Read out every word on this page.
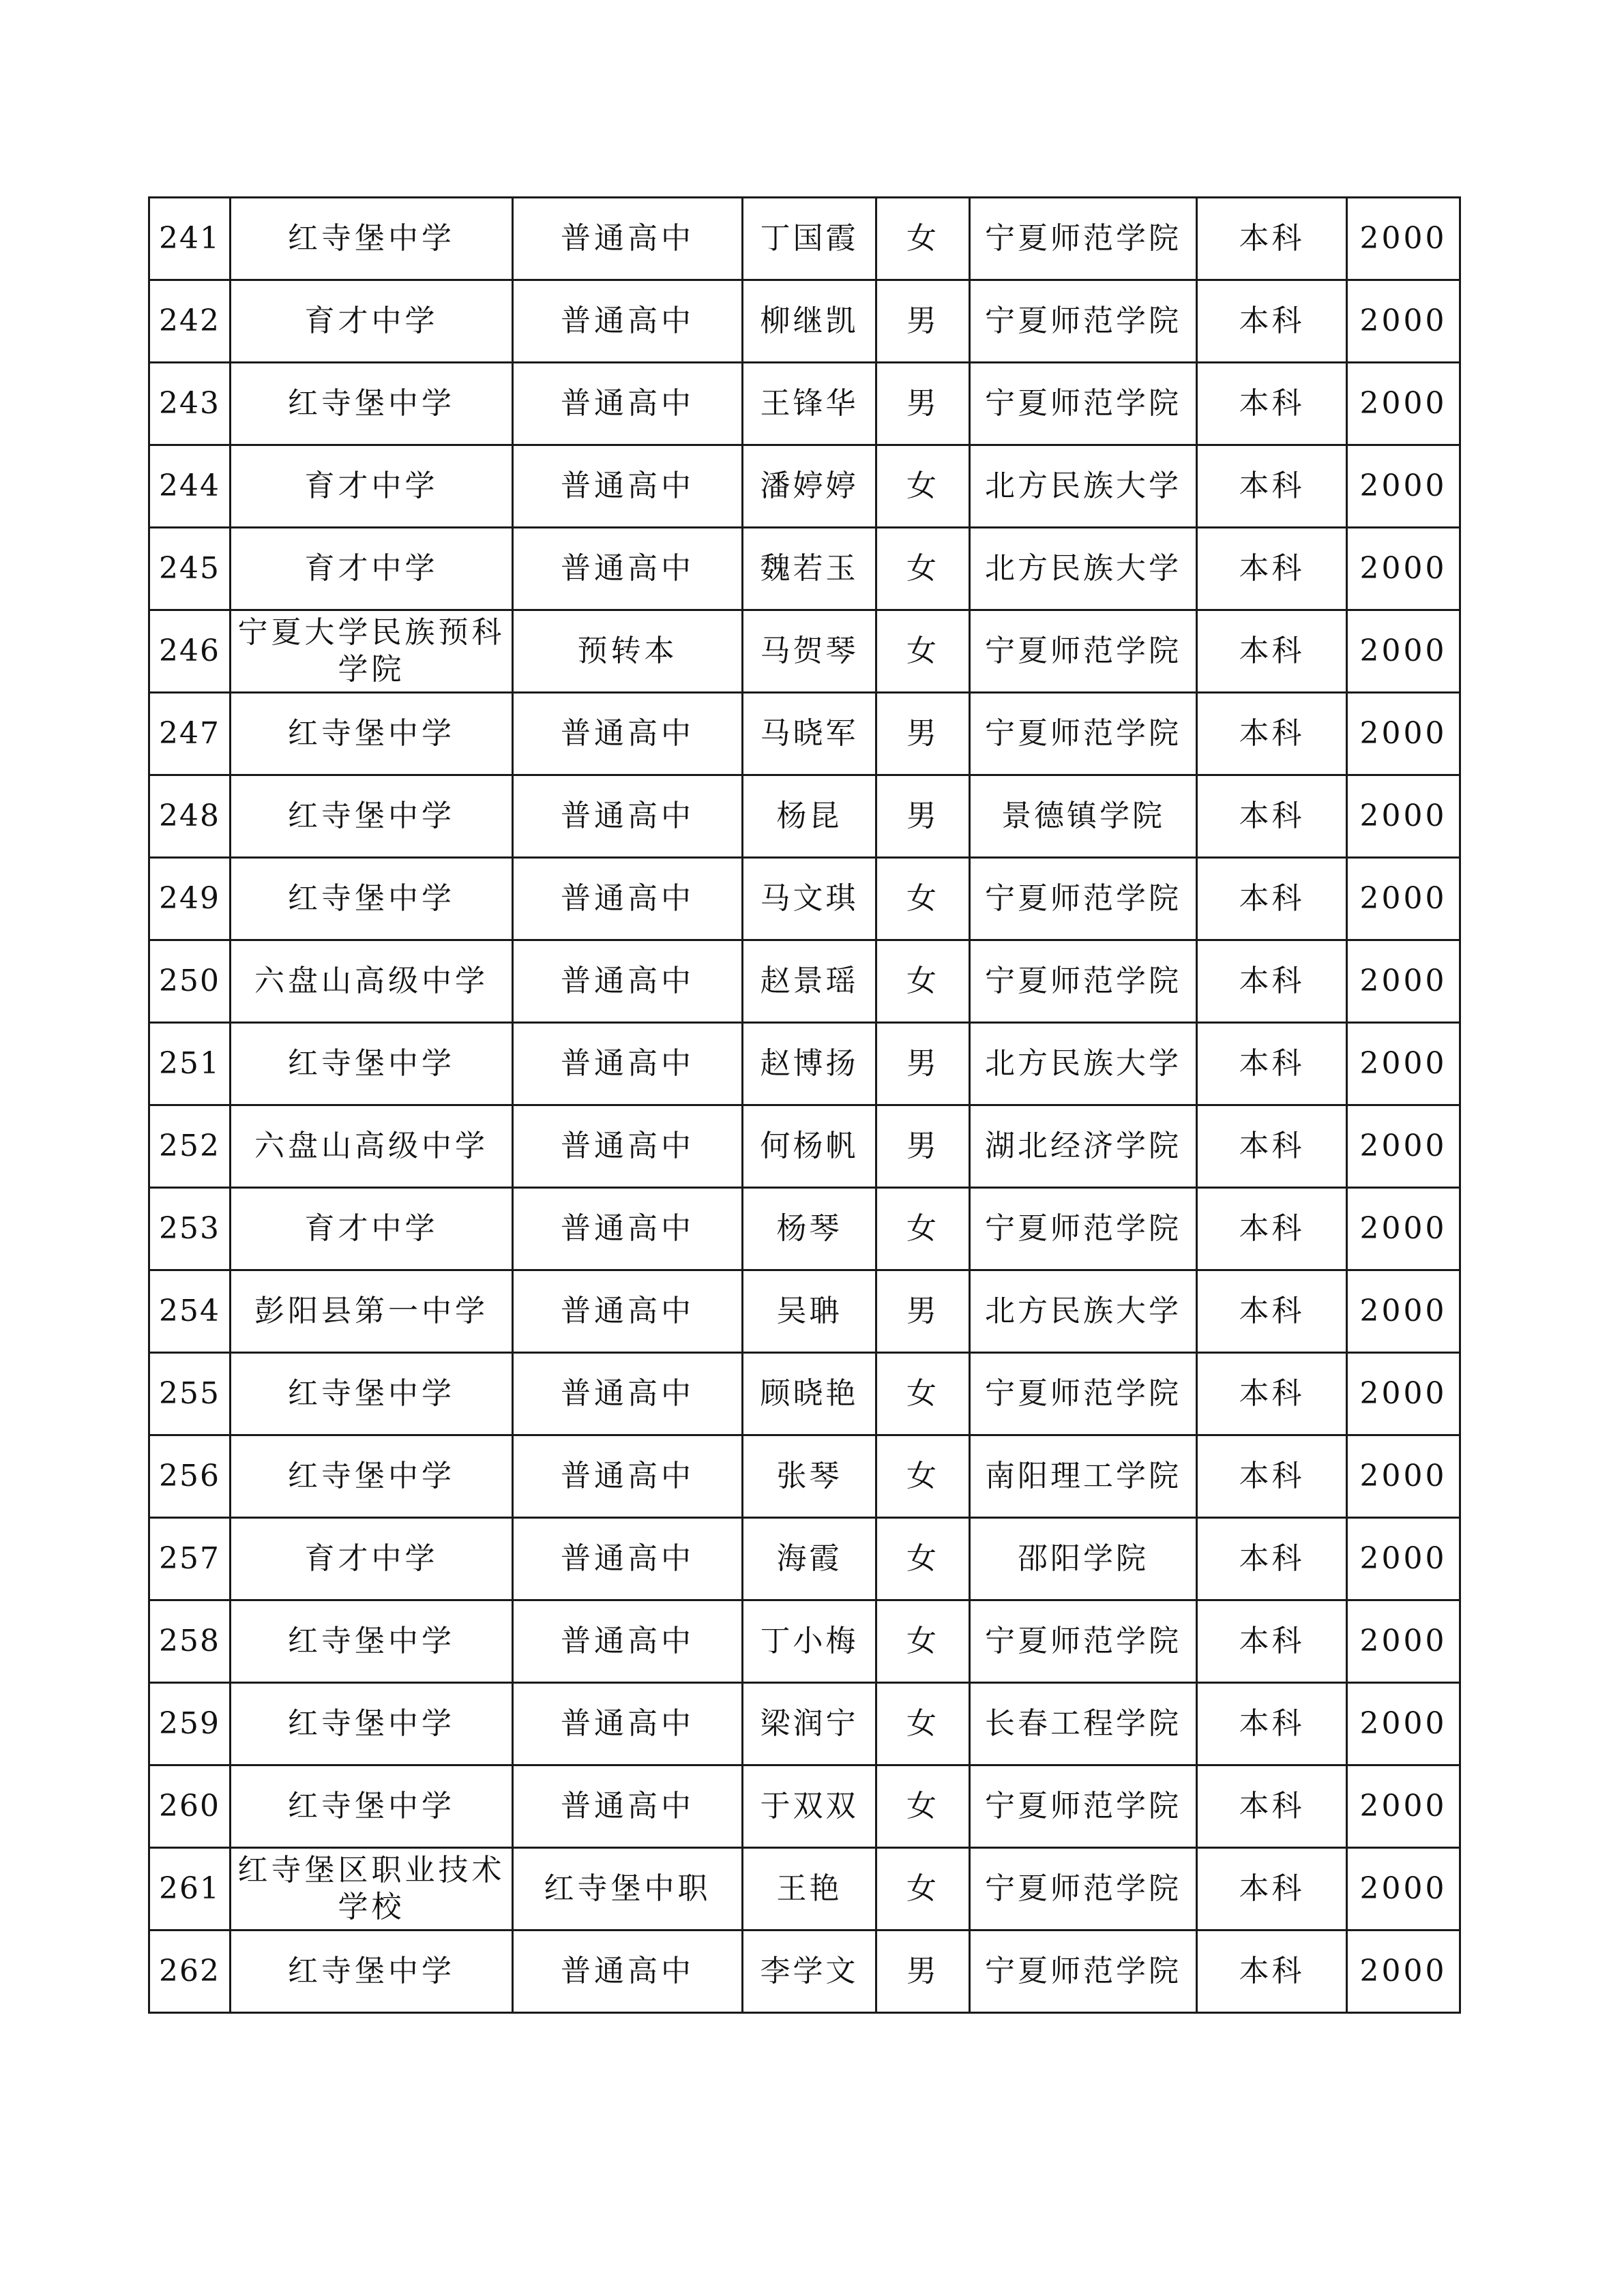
241	红寺堡中学	普通高中	丁国霞	女	宁夏师范学院	本科	2000
242	育才中学	普通高中	柳继凯	男	宁夏师范学院	本科	2000
243	红寺堡中学	普通高中	王锋华	男	宁夏师范学院	本科	2000
244	育才中学	普通高中	潘婷婷	女	北方民族大学	本科	2000
245	育才中学	普通高中	魏若玉	女	北方民族大学	本科	2000
246	宁夏大学民族预科学院	预转本	马贺琴	女	宁夏师范学院	本科	2000
247	红寺堡中学	普通高中	马晓军	男	宁夏师范学院	本科	2000
248	红寺堡中学	普通高中	杨昆	男	景德镇学院	本科	2000
249	红寺堡中学	普通高中	马文琪	女	宁夏师范学院	本科	2000
250	六盘山高级中学	普通高中	赵景瑶	女	宁夏师范学院	本科	2000
251	红寺堡中学	普通高中	赵博扬	男	北方民族大学	本科	2000
252	六盘山高级中学	普通高中	何杨帆	男	湖北经济学院	本科	2000
253	育才中学	普通高中	杨琴	女	宁夏师范学院	本科	2000
254	彭阳县第一中学	普通高中	吴聃	男	北方民族大学	本科	2000
255	红寺堡中学	普通高中	顾晓艳	女	宁夏师范学院	本科	2000
256	红寺堡中学	普通高中	张琴	女	南阳理工学院	本科	2000
257	育才中学	普通高中	海霞	女	邵阳学院	本科	2000
258	红寺堡中学	普通高中	丁小梅	女	宁夏师范学院	本科	2000
259	红寺堡中学	普通高中	梁润宁	女	长春工程学院	本科	2000
260	红寺堡中学	普通高中	于双双	女	宁夏师范学院	本科	2000
261	红寺堡区职业技术学校	红寺堡中职	王艳	女	宁夏师范学院	本科	2000
262	红寺堡中学	普通高中	李学文	男	宁夏师范学院	本科	2000
